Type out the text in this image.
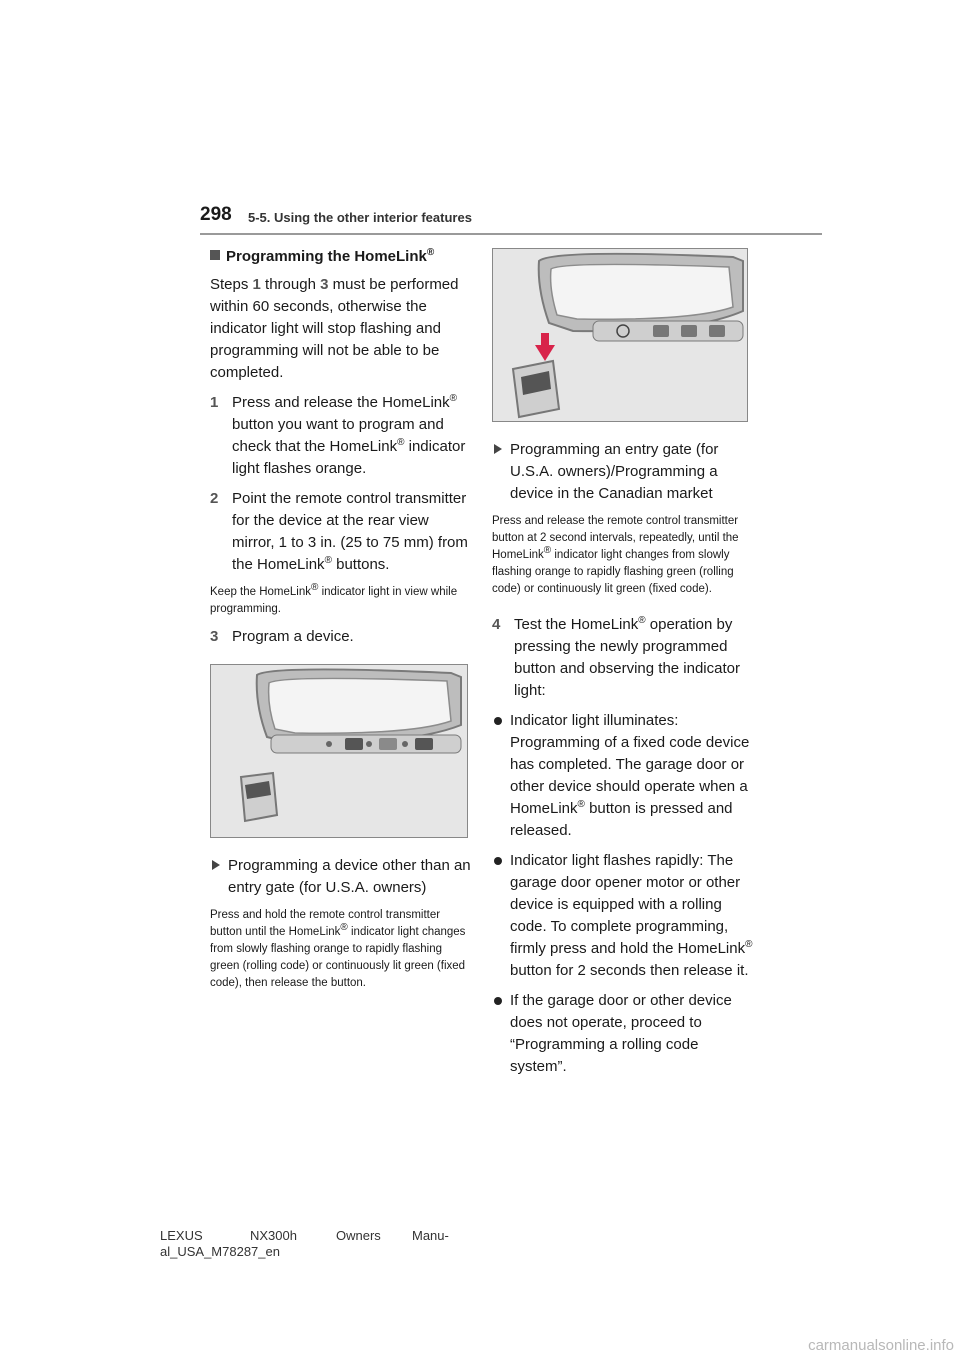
298 5-5. Using the other interior features
Programming the HomeLink®

Steps 1 through 3 must be performed within 60 seconds, otherwise the indicator light will stop flashing and programming will not be able to be completed.

1 Press and release the HomeLink® button you want to program and check that the HomeLink® indicator light flashes orange.
2 Point the remote control transmitter for the device at the rear view mirror, 1 to 3 in. (25 to 75 mm) from the HomeLink® buttons.
Keep the HomeLink® indicator light in view while programming.
3 Program a device.
Programming a device other than an entry gate (for U.S.A. owners)
Press and hold the remote control transmitter button until the HomeLink® indicator light changes from slowly flashing orange to rapidly flashing green (rolling code) or continuously lit green (fixed code), then release the button.
Programming an entry gate (for U.S.A. owners)/Programming a device in the Canadian market
Press and release the remote control transmitter button at 2 second intervals, repeatedly, until the HomeLink® indicator light changes from slowly flashing orange to rapidly flashing green (rolling code) or continuously lit green (fixed code).
4 Test the HomeLink® operation by pressing the newly programmed button and observing the indicator light:
Indicator light illuminates: Programming of a fixed code device has completed. The garage door or other device should operate when a HomeLink® button is pressed and released.
Indicator light flashes rapidly: The garage door opener motor or other device is equipped with a rolling code. To complete programming, firmly press and hold the HomeLink® button for 2 seconds then release it.
If the garage door or other device does not operate, proceed to “Programming a rolling code system”.
LEXUS	NX300h	Owners	Manu-
al_USA_M78287_en
carmanualsonline.info
